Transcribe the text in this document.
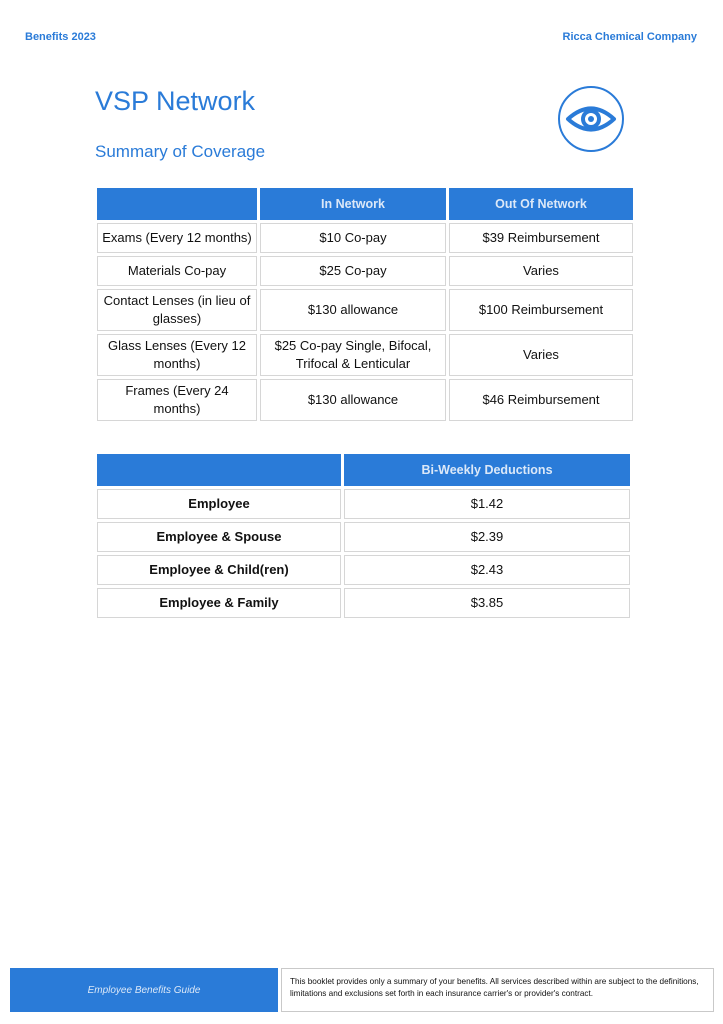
Benefits 2023	Ricca Chemical Company
VSP Network
Summary of Coverage
	In Network	Out Of Network
Exams (Every 12 months)	$10 Co-pay	$39 Reimbursement
Materials Co-pay	$25 Co-pay	Varies
Contact Lenses (in lieu of glasses)	$130 allowance	$100 Reimbursement
Glass Lenses (Every 12 months)	$25 Co-pay Single, Bifocal, Trifocal & Lenticular	Varies
Frames (Every 24 months)	$130 allowance	$46 Reimbursement
	Bi-Weekly Deductions
Employee	$1.42
Employee & Spouse	$2.39
Employee & Child(ren)	$2.43
Employee & Family	$3.85
Employee Benefits Guide
This booklet provides only a summary of your benefits. All services described within are subject to the definitions, limitations and exclusions set forth in each insurance carrier's or provider's contract.
